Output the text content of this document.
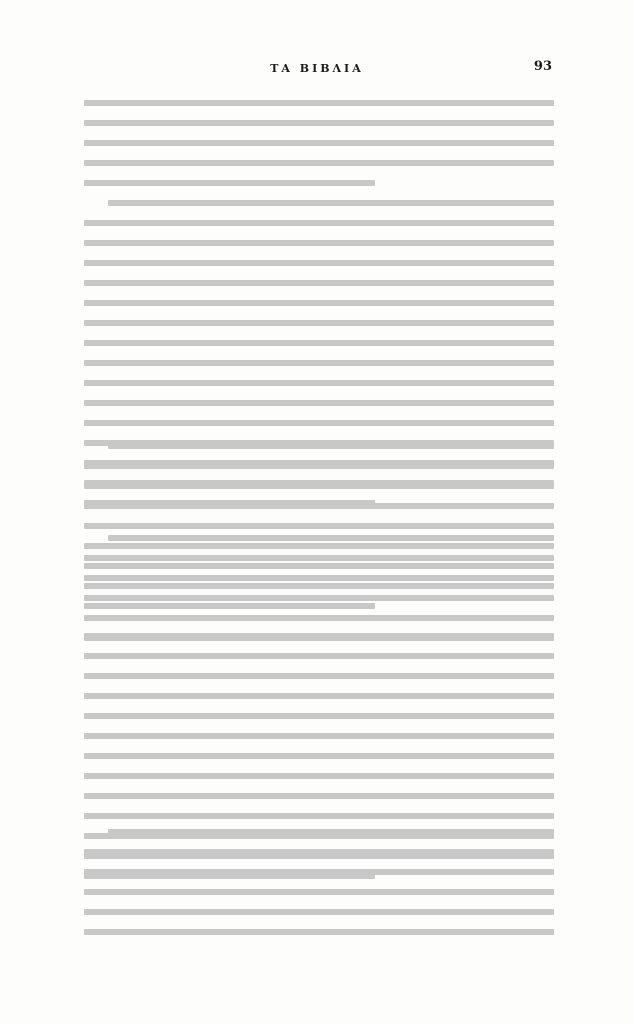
ΤΑ ΒΙΒΛΙΑ	93
